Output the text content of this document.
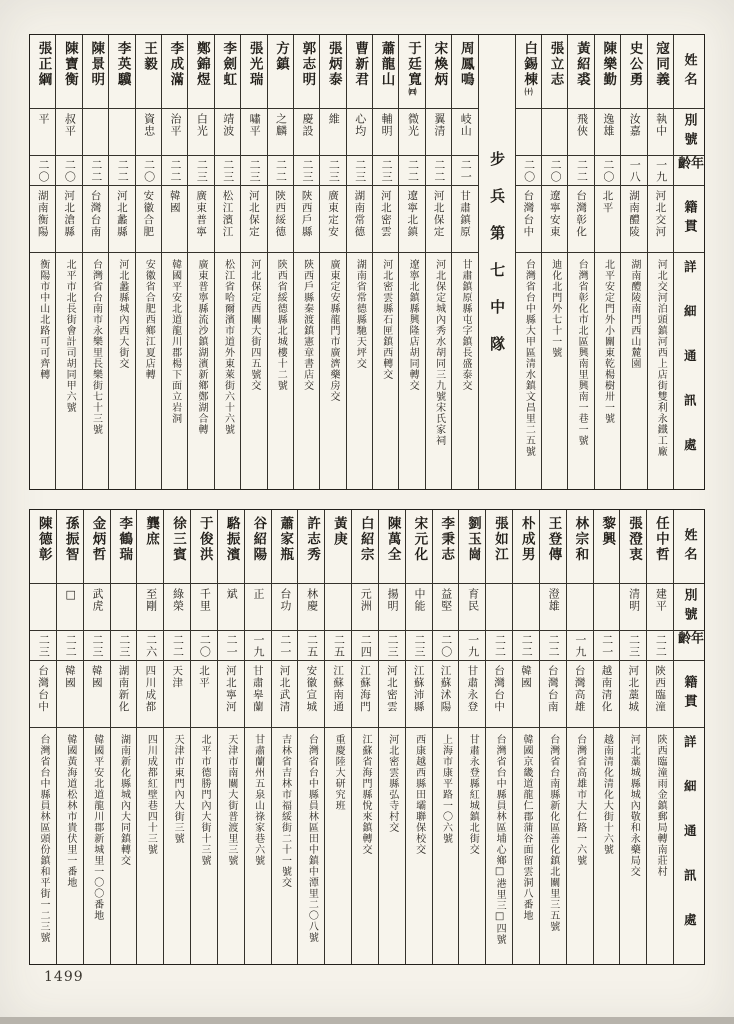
姓名
別號
年齡
籍貫
詳細通訊處
寇同義
執中
一九
河北交河
河北交河泊頭鎮河西上店街雙利永鐵工廠
史公勇
汝嘉
一八
湖南醴陵
湖南醴陵南門西山麓園
陳樂勤
逸雄
二〇
北平
北平安定門外小關東乾楊樹卅一號
黃紹裘
飛俠
二二
台灣彰化
台灣省彰化市北區興南里興南一巷一號
張立志
二〇
遼寧安東
迪化北門外七十一號
白錫棟㈩
二〇
台灣台中
台灣省台中縣大甲區清水鎮文昌里二五號
步兵第七中隊
周鳳鳴
岐山
二一
甘肅鎮原
甘肅鎮原縣屯字鎮長盛泰交
宋煥炳
翼清
二二
河北保定
河北保定城內秀水胡同三九號宋氏家祠
于廷寬㈣
微光
二二
遼寧北鎮
遼寧北鎮縣興隆店胡同轉交
蕭龍山
輔明
二三
河北密雲
河北密雲縣石匣鎮西轉交
曹新君
心均
二三
湖南常德
湖南省常德縣馳天坪交
張炳泰
維
二三
廣東定安
廣東定安縣龍門市廣濟藥房交
郭志明
慶設
二三
陝西戶縣
陝西戶縣秦渡鎮憲章書店交
方鎮
之麟
二二
陝西綏德
陝西省綏德縣北城樓十二號
張光瑞
嘯平
二三
河北保定
河北保定西關大街四五號交
李劍虹
靖波
二三
松江濱江
松江省哈爾濱市道外東萊街六十六號
鄭錦煜
白光
二三
廣東普寧
廣東普寧縣流沙鎮湖濱新鄉鄭湖合轉
李成滿
治平
二二
韓國
韓國平安北道龍川郡楊下面立岩洞
王毅
資忠
二〇
安徽合肥
安徽省合肥西鄉江夏店轉
李英驥
二二
河北蠡縣
河北蠡縣城內西大街交
陳景明
二二
台灣台南
台灣省台南市永樂里長樂街七十三號
陳寶衡
叔平
二〇
河北滄縣
北平市北長街會計司胡同甲六號
張正綱
平
二〇
湖南衡陽
衡陽市中山北路可可齊轉
姓名
別號
年齡
籍貫
詳細通訊處
任中哲
建平
二二
陝西臨潼
陝西臨潼雨金鎮郵局轉南莊村
張澄衷
清明
二三
河北藁城
河北藁城縣城內敬和永藥局交
黎興
二一
越南清化
越南清化清化大街十六號
林宗和
一九
台灣高雄
台灣省高雄市大仁路一六號
王登傳
澄雄
二二
台灣台南
台灣省台南縣新化區善化鎮北關里三五號
朴成男
二二
韓國
韓國京畿道龍仁郡蒲谷面留雲洞八番地
張如江
二二
台灣台中
台灣省台中縣員林區埔心鄉□港里三□四號
劉玉崗
育民
一九
甘肅永登
甘肅永登縣紅城鎮北街交
李秉志
益堅
二〇
江蘇沭陽
上海市康平路一〇六號
宋元化
中能
二三
江蘇沛縣
西康越西縣田壩聯保校交
陳萬全
揚明
二三
河北密雲
河北密雲縣弘寺村交
白紹宗
元洲
二四
江蘇海門
江蘇省海門縣悅來鎮轉交
黃庚
二五
江蘇南通
重慶陸大研究班
許志秀
林慶
二五
安徽宣城
台灣省台中縣員林區田中鎮中潭里二〇八號
蕭家瓶
台功
二一
河北武清
吉林省吉林市福綏街二十一號交
谷紹陽
正
一九
甘肅皋蘭
甘肅蘭州五泉山祿家巷六號
駱振濱
斌
二一
河北寧河
天津市南關大街普渡里三號
于俊洪
千里
二〇
北平
北平市德勝門內大街十三號
徐三賓
綠榮
二二
天津
天津市東門內大街三號
龔庶
至剛
二六
四川成都
四川成都紅壁巷四十三號
李鶴瑞
二三
湖南新化
湖南新化縣城內大同鎮轉交
金炳哲
武虎
二三
韓國
韓國平安北道龍川郡新城里一〇〇番地
孫振智
□
二二
韓國
韓國黃海道松林市貴伏里一番地
陳德彰
二三
台灣台中
台灣省台中縣員林區頭份鎮和平街一二三號
1499
